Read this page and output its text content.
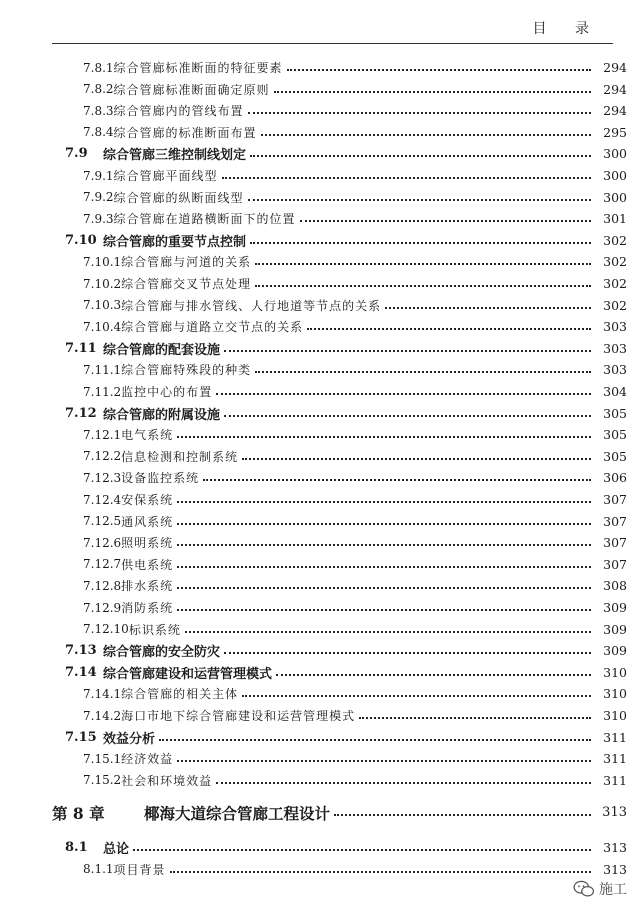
目 录
7.8.1 综合管廊标准断面的特征要素	294
7.8.2 综合管廊标准断面确定原则	294
7.8.3 综合管廊内的管线布置	294
7.8.4 综合管廊的标准断面布置	295
7.9	综合管廊三维控制线划定	300
7.9.1 综合管廊平面线型	300
7.9.2 综合管廊的纵断面线型	300
7.9.3 综合管廊在道路横断面下的位置	301
7.10 综合管廊的重要节点控制	302
7.10.1 综合管廊与河道的关系	302
7.10.2 综合管廊交叉节点处理	302
7.10.3 综合管廊与排水管线、人行地道等节点的关系	302
7.10.4 综合管廊与道路立交节点的关系	303
7.11 综合管廊的配套设施	303
7.11.1 综合管廊特殊段的种类	303
7.11.2 监控中心的布置	304
7.12 综合管廊的附属设施	305
7.12.1 电气系统	305
7.12.2 信息检测和控制系统	305
7.12.3 设备监控系统	306
7.12.4 安保系统	307
7.12.5 通风系统	307
7.12.6 照明系统	307
7.12.7 供电系统	307
7.12.8 排水系统	308
7.12.9 消防系统	309
7.12.10 标识系统	309
7.13 综合管廊的安全防灾	309
7.14 综合管廊建设和运营管理模式	310
7.14.1 综合管廊的相关主体	310
7.14.2 海口市地下综合管廊建设和运营管理模式	310
7.15 效益分析	311
7.15.1 经济效益	311
7.15.2 社会和环境效益	311
第 8 章	椰海大道综合管廊工程设计	313
8.1	总论	313
8.1.1 项目背景	313
施工
